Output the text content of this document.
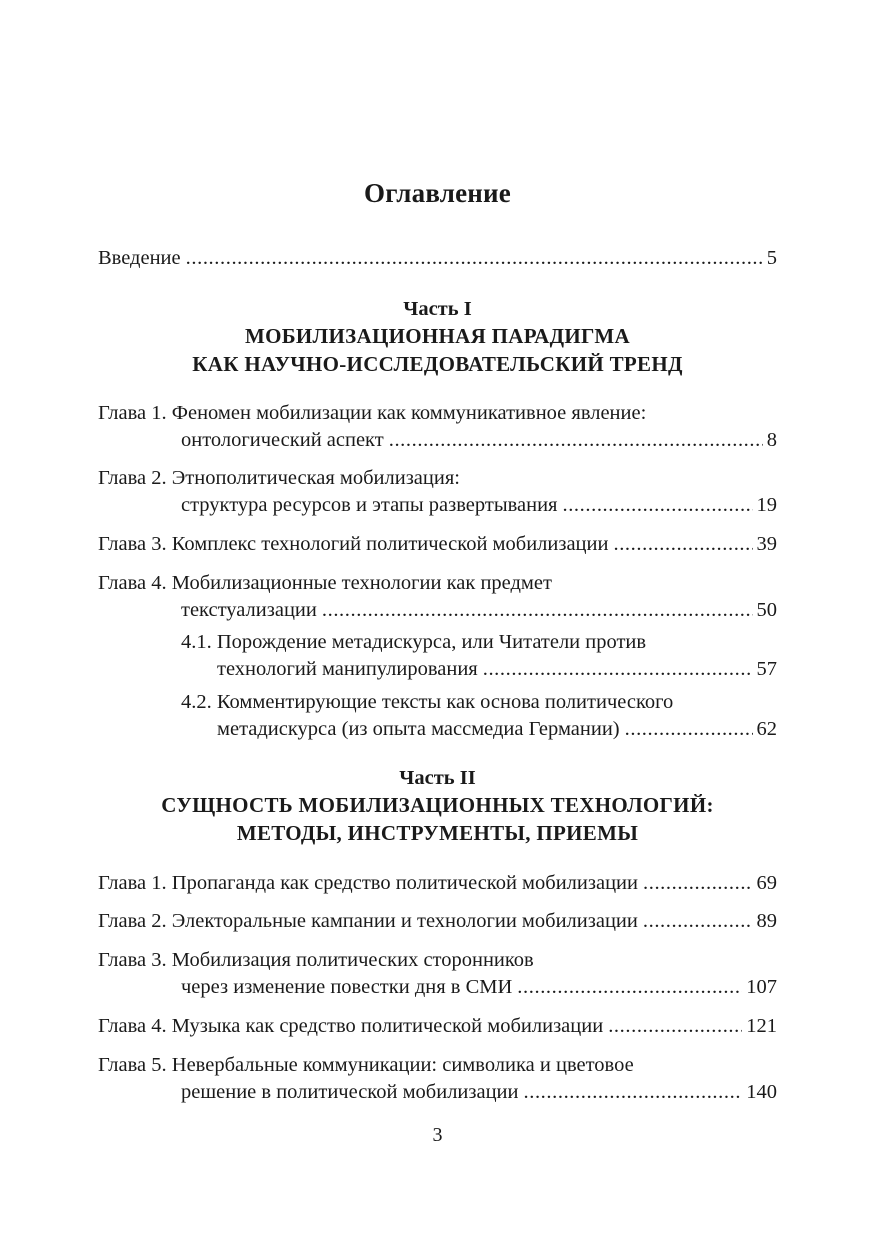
Оглавление
Введение .....	5
Часть I
МОБИЛИЗАЦИОННАЯ ПАРАДИГМА
КАК НАУЧНО-ИССЛЕДОВАТЕЛЬСКИЙ ТРЕНД
Глава 1. Феномен мобилизации как коммуникативное явление:
онтологический аспект .....	8
Глава 2. Этнополитическая мобилизация:
структура ресурсов и этапы развертывания .....	19
Глава 3. Комплекс технологий политической мобилизации .....	39
Глава 4. Мобилизационные технологии как предмет
текстуализации .....	50
4.1. Порождение метадискурса, или Читатели против
технологий манипулирования .....	57
4.2. Комментирующие тексты как основа политического
метадискурса (из опыта массмедиа Германии) .....	62
Часть II
СУЩНОСТЬ МОБИЛИЗАЦИОННЫХ ТЕХНОЛОГИЙ:
МЕТОДЫ, ИНСТРУМЕНТЫ, ПРИЕМЫ
Глава 1. Пропаганда как средство политической мобилизации .....	69
Глава 2. Электоральные кампании и технологии мобилизации .....	89
Глава 3. Мобилизация политических сторонников
через изменение повестки дня в СМИ .....	107
Глава 4. Музыка как средство политической мобилизации .....	121
Глава 5. Невербальные коммуникации: символика и цветовое
решение в политической мобилизации .....	140
3
